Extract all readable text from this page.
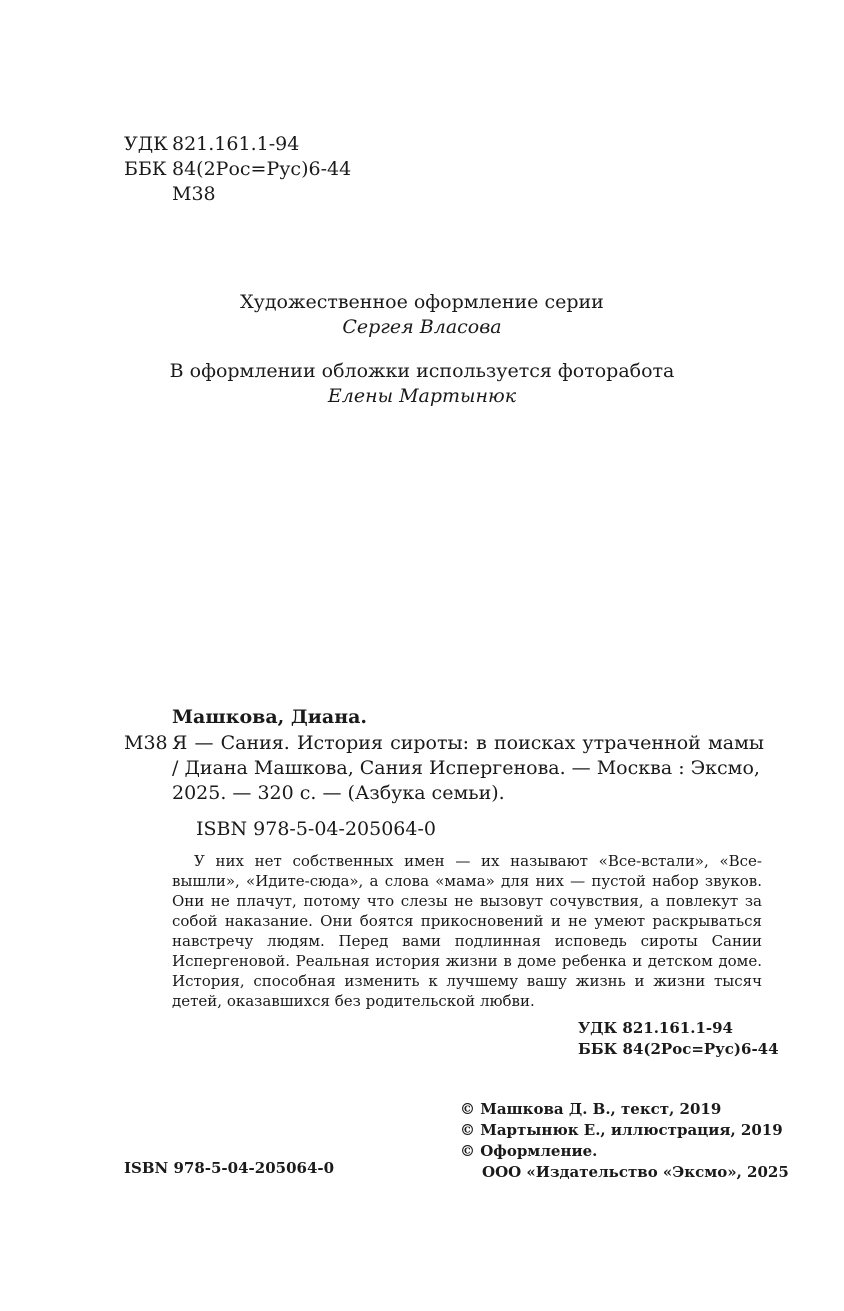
УДК 821.161.1-94
ББК 84(2Рос=Рус)6-44
М38
Художественное оформление серии
Сергея Власова
В оформлении обложки используется фоторабота
Елены Мартынюк
Машкова, Диана.
М38 Я — Сания. История сироты: в поисках утраченной мамы / Диана Машкова, Сания Испергенова. — Москва : Эксмо,
2025. — 320 с. — (Азбука семьи).
ISBN 978-5-04-205064-0
У них нет собственных имен — их называют «Все-встали», «Все-вышли», «Идите-сюда», а слова «мама» для них — пустой набор звуков. Они не плачут, потому что слезы не вызовут сочувствия, а повлекут за собой наказание. Они боятся прикосновений и не умеют раскрываться навстречу людям. Перед вами подлинная исповедь сироты Сании Испергеновой. Реальная история жизни в доме ребенка и детском доме. История, способная изменить к лучшему вашу жизнь и жизни тысяч детей, оказавшихся без родительской любви.
УДК 821.161.1-94
ББК 84(2Рос=Рус)6-44
© Машкова Д. В., текст, 2019
© Мартынюк Е., иллюстрация, 2019
© Оформление.
ООО «Издательство «Эксмо», 2025
ISBN 978-5-04-205064-0
